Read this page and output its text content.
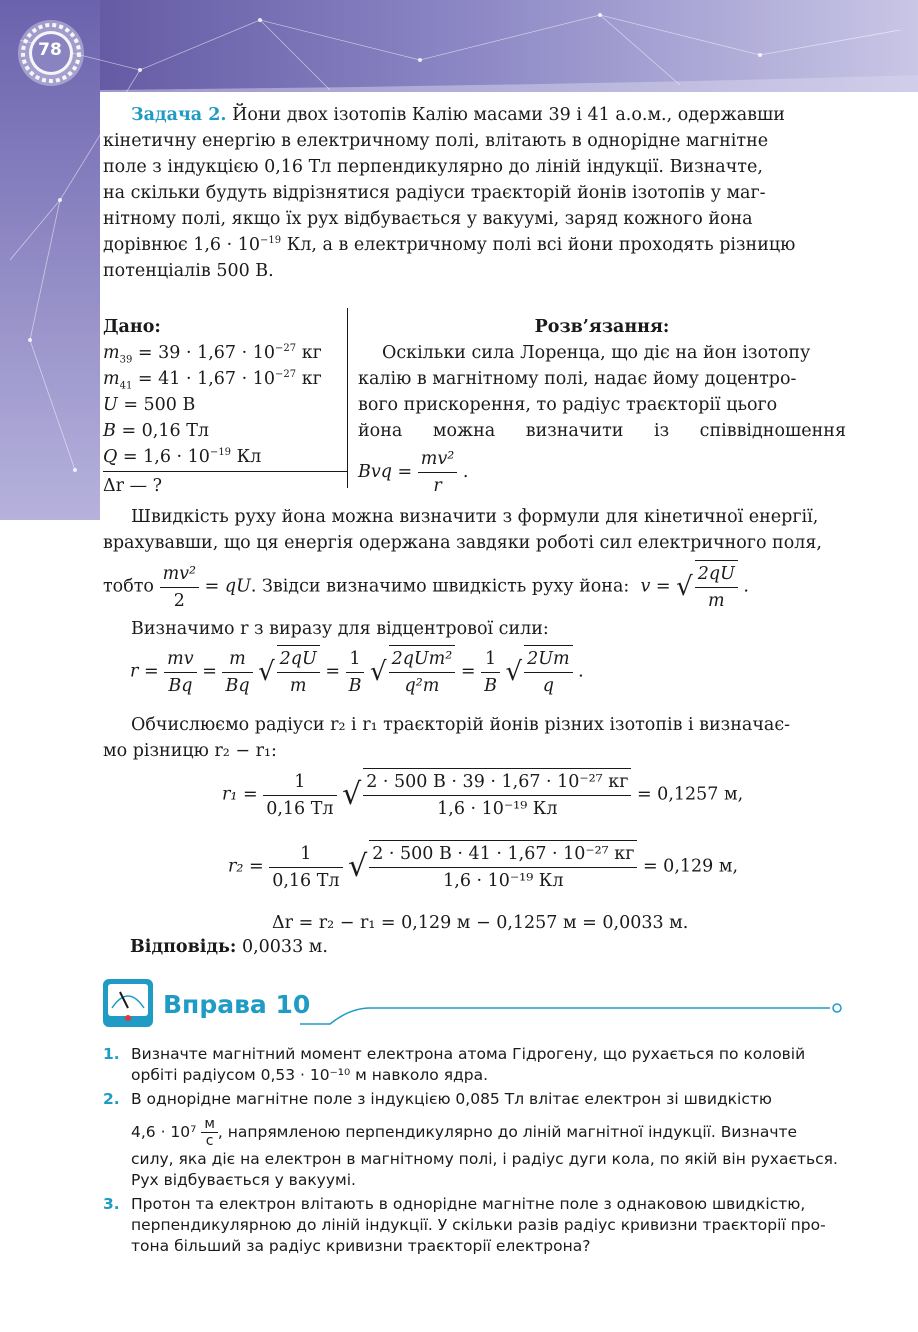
78
Задача 2. Йони двох ізотопів Калію масами 39 і 41 а.о.м., одержавши
кінетичну енергію в електричному полі, влітають в однорідне магнітне
поле з індукцією 0,16 Тл перпендикулярно до ліній індукції. Визначте,
на скільки будуть відрізнятися радіуси траєкторій йонів ізотопів у маг-
нітному полі, якщо їх рух відбувається у вакуумі, заряд кожного йона
дорівнює $1,6 \cdot 10^{-19}$ Кл, а в електричному полі всі йони проходять різницю
потенціалів 500 В.
Дано:
$m_{39} = 39 \cdot 1,67 \cdot 10^{-27}$ кг
$m_{41} = 41 \cdot 1,67 \cdot 10^{-27}$ кг
U = 500 В
B = 0,16 Тл
$Q = 1,6 \cdot 10^{-19}$ Кл
Δr — ?
Розв’язання:
Оскільки сила Лоренца, що діє на йон ізотопу
калію в магнітному полі, надає йому доцентро-
вого прискорення, то радіус траєкторії цього
йона можна визначити із співвідношення
Bvq = $\frac{\text{mv²}}{r}$ .
Швидкість руху йона можна визначити з формули для кінетичної енергії,
врахувавши, що ця енергія одержана завдяки роботі сил електричного поля,
тобто $\frac{\text{mv²}}{2}$ = qU. Звідси визначимо швидкість руху йона: v = √ $\frac{2qU}{m}$ .
Визначимо r з виразу для відцентрової сили:
$r = \frac{mv}{Bq} = \frac{m}{Bq}$ √ $\frac{2qU}{m} = \frac{1}{B}$ √ $\frac{\text{2qUm²}}{\text{q²m}} = \frac{1}{B}$ √ $\frac{2Um}{q}$ .
Обчислюємо радіуси r₂ і r₁ траєкторій йонів різних ізотопів і визначає-
мо різницю r₂ − r₁:
$r_1 = \frac{1}{0,16 Тл}$ √ $\frac{\text{2 · 500 В · 39 · 1,67 · 10⁻²⁷ кг}}{\text{1,6 · 10⁻¹⁹ Кл}} = 0,1257$ м,
$r_2 = \frac{1}{0,16 Тл}$ √ $\frac{\text{2 · 500 В · 41 · 1,67 · 10⁻²⁷ кг}}{\text{1,6 · 10⁻¹⁹ Кл}} = 0,129$ м,
Δr = r₂ − r₁ = 0,129 м − 0,1257 м = 0,0033 м.
Відповідь: 0,0033 м.
Вправа 10
1. Визначте магнітний момент електрона атома Гідрогену, що рухається по коловій
орбіті радіусом 0,53 · 10⁻¹⁰ м навколо ядра.
2. В однорідне магнітне поле з індукцією 0,085 Тл влітає електрон зі швидкістю
$4,6 \cdot 10^7 \frac{м}{с}$ , напрямленою перпендикулярно до ліній магнітної індукції. Визначте
силу, яка діє на електрон в магнітному полі, і радіус дуги кола, по якій він рухається.
Рух відбувається у вакуумі.
3. Протон та електрон влітають в однорідне магнітне поле з однаковою швидкістю,
перпендикулярною до ліній індукції. У скільки разів радіус кривизни траєкторії про-
тона більший за радіус кривизни траєкторії електрона?
